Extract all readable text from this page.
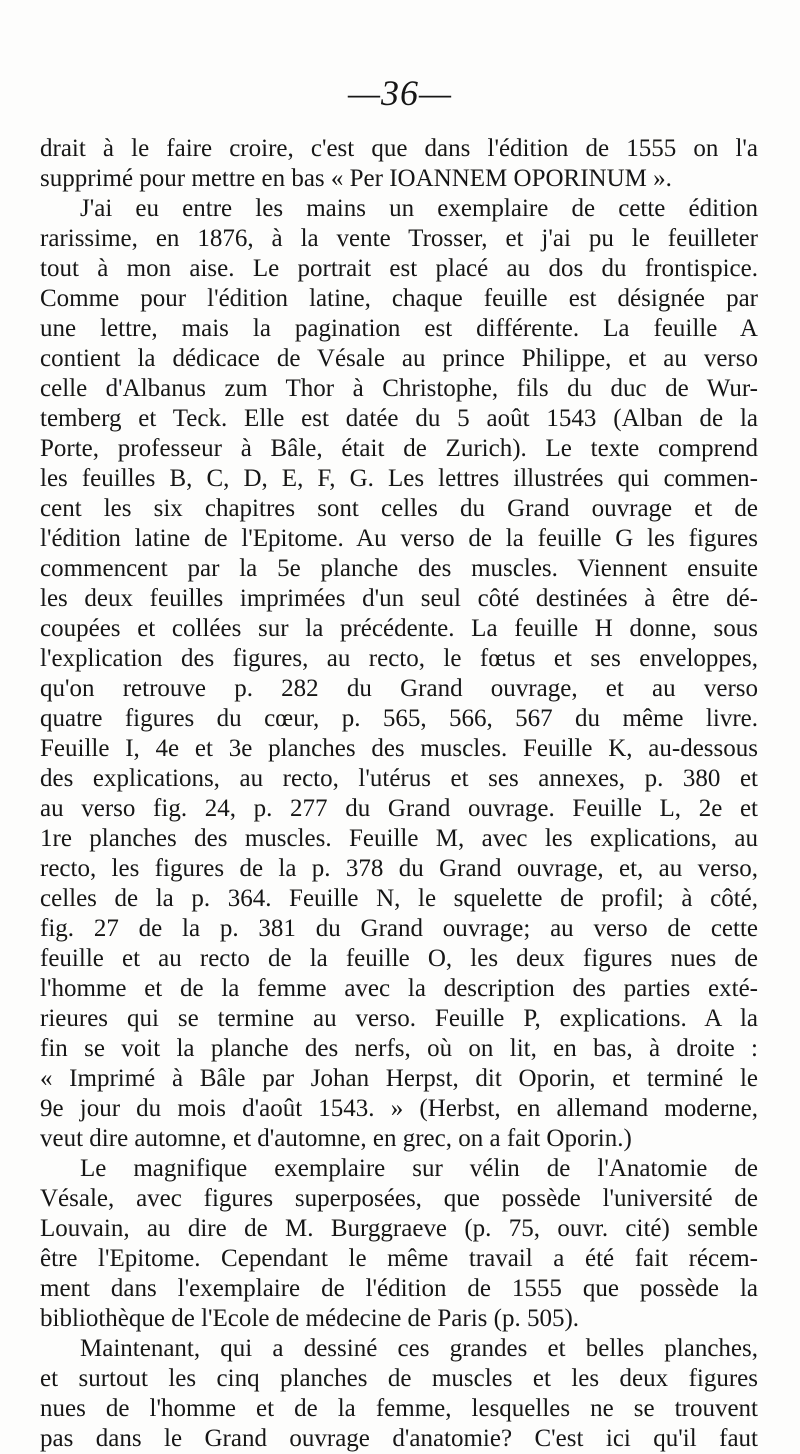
—36—
drait à le faire croire, c'est que dans l'édition de 1555 on l'a
supprimé pour mettre en bas « Per IOANNEM OPORINUM ».
J'ai eu entre les mains un exemplaire de cette édition
rarissime, en 1876, à la vente Trosser, et j'ai pu le feuilleter
tout à mon aise. Le portrait est placé au dos du frontispice.
Comme pour l'édition latine, chaque feuille est désignée par
une lettre, mais la pagination est différente. La feuille A
contient la dédicace de Vésale au prince Philippe, et au verso
celle d'Albanus zum Thor à Christophe, fils du duc de Wur-
temberg et Teck. Elle est datée du 5 août 1543 (Alban de la
Porte, professeur à Bâle, était de Zurich). Le texte comprend
les feuilles B, C, D, E, F, G. Les lettres illustrées qui commen-
cent les six chapitres sont celles du Grand ouvrage et de
l'édition latine de l'Epitome. Au verso de la feuille G les figures
commencent par la 5e planche des muscles. Viennent ensuite
les deux feuilles imprimées d'un seul côté destinées à être dé-
coupées et collées sur la précédente. La feuille H donne, sous
l'explication des figures, au recto, le fœtus et ses enveloppes,
qu'on retrouve p. 282 du Grand ouvrage, et au verso
quatre figures du cœur, p. 565, 566, 567 du même livre.
Feuille I, 4e et 3e planches des muscles. Feuille K, au-dessous
des explications, au recto, l'utérus et ses annexes, p. 380 et
au verso fig. 24, p. 277 du Grand ouvrage. Feuille L, 2e et
1re planches des muscles. Feuille M, avec les explications, au
recto, les figures de la p. 378 du Grand ouvrage, et, au verso,
celles de la p. 364. Feuille N, le squelette de profil; à côté,
fig. 27 de la p. 381 du Grand ouvrage; au verso de cette
feuille et au recto de la feuille O, les deux figures nues de
l'homme et de la femme avec la description des parties exté-
rieures qui se termine au verso. Feuille P, explications. A la
fin se voit la planche des nerfs, où on lit, en bas, à droite :
« Imprimé à Bâle par Johan Herpst, dit Oporin, et terminé le
9e jour du mois d'août 1543. » (Herbst, en allemand moderne,
veut dire automne, et d'automne, en grec, on a fait Oporin.)
Le magnifique exemplaire sur vélin de l'Anatomie de
Vésale, avec figures superposées, que possède l'université de
Louvain, au dire de M. Burggraeve (p. 75, ouvr. cité) semble
être l'Epitome. Cependant le même travail a été fait récem-
ment dans l'exemplaire de l'édition de 1555 que possède la
bibliothèque de l'Ecole de médecine de Paris (p. 505).
Maintenant, qui a dessiné ces grandes et belles planches,
et surtout les cinq planches de muscles et les deux figures
nues de l'homme et de la femme, lesquelles ne se trouvent
pas dans le Grand ouvrage d'anatomie? C'est ici qu'il faut
